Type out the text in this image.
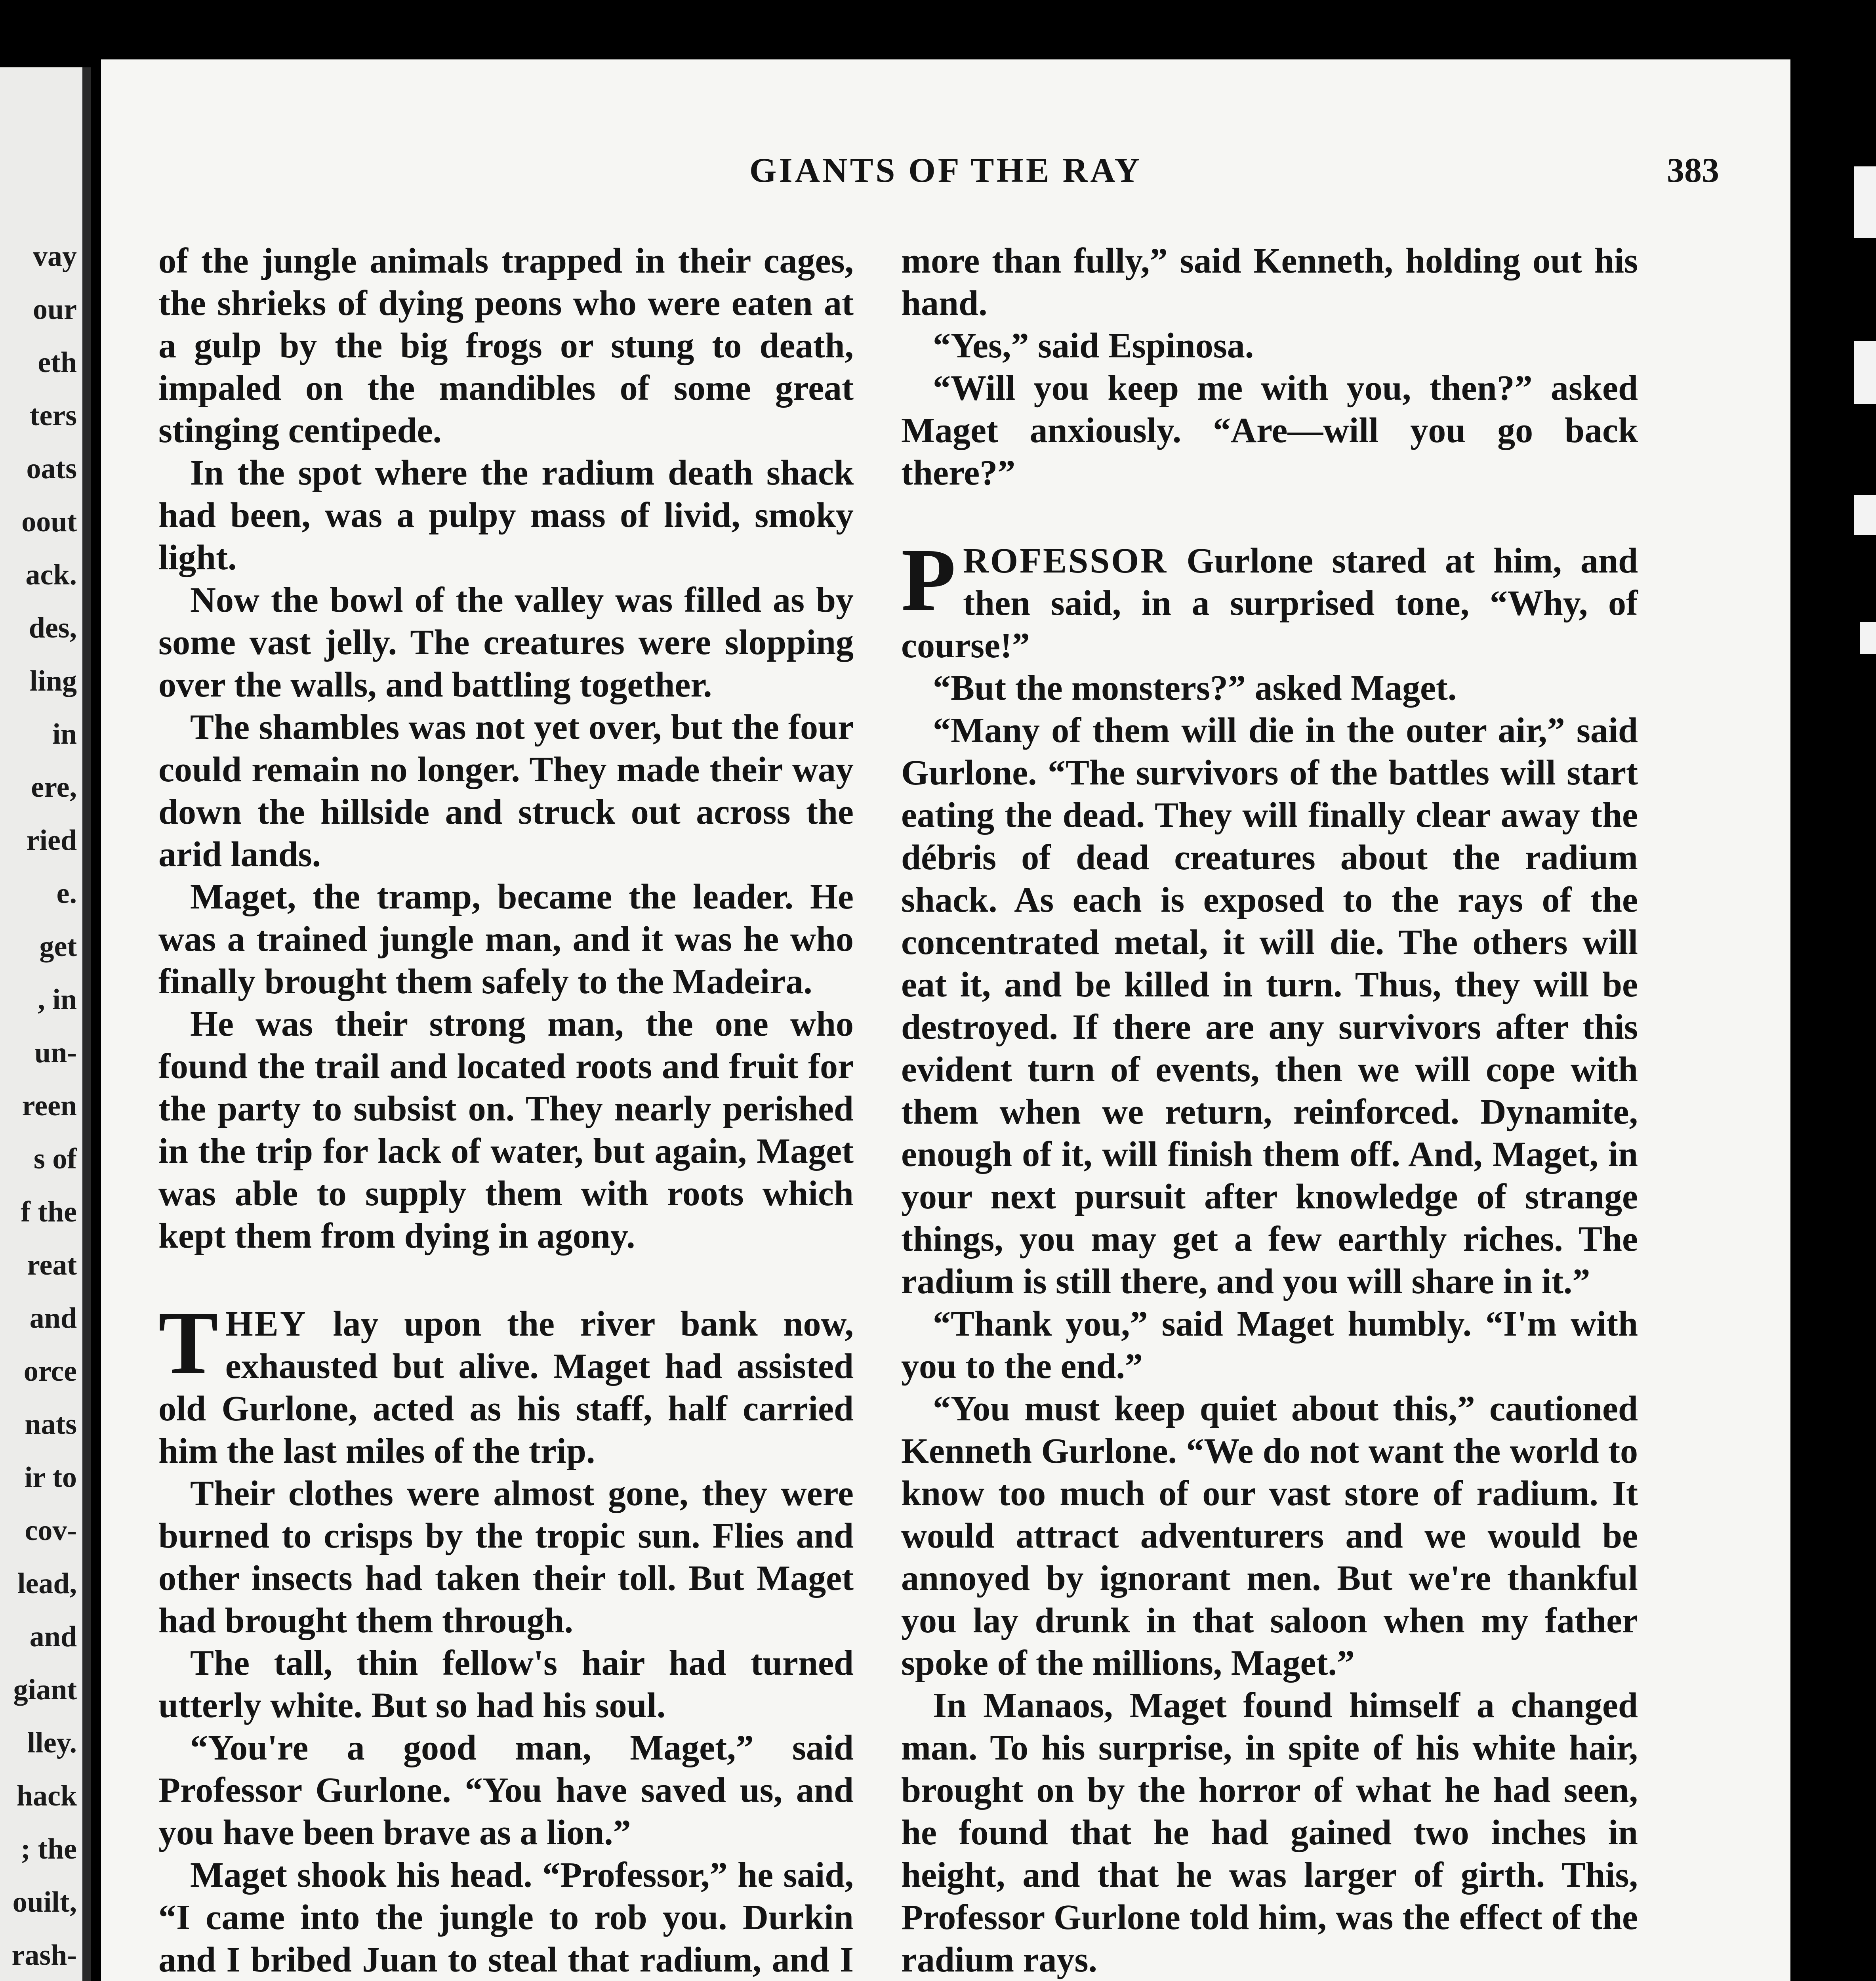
vay
our
eth
ters
oats
oout
ack.
des,
ling
in
ere,
ried
e.
get
, in
un-
reen
s of
f the
reat
and
orce
nats
ir to
cov-
lead,
and
giant
lley.
hack
; the
ouilt,
rash-
GIANTS OF THE RAY	383

of the jungle animals trapped in their cages, the shrieks of dying peons who were eaten at a gulp by the big frogs or stung to death, impaled on the mandibles of some great stinging centipede.

In the spot where the radium death shack had been, was a pulpy mass of livid, smoky light.

Now the bowl of the valley was filled as by some vast jelly. The creatures were slopping over the walls, and battling together.

The shambles was not yet over, but the four could remain no longer. They made their way down the hillside and struck out across the arid lands.

Maget, the tramp, became the leader. He was a trained jungle man, and it was he who finally brought them safely to the Madeira.

He was their strong man, the one who found the trail and located roots and fruit for the party to subsist on. They nearly perished in the trip for lack of water, but again, Maget was able to supply them with roots which kept them from dying in agony.

THEY lay upon the river bank now, exhausted but alive. Maget had assisted old Gurlone, acted as his staff, half carried him the last miles of the trip.

Their clothes were almost gone, they were burned to crisps by the tropic sun. Flies and other insects had taken their toll. But Maget had brought them through.

The tall, thin fellow's hair had turned utterly white. But so had his soul.

“You're a good man, Maget,” said Professor Gurlone. “You have saved us, and you have been brave as a lion.”

Maget shook his head. “Professor,” he said, “I came into the jungle to rob you. Durkin and I bribed Juan to steal that radium, and I

more than fully,” said Kenneth, holding out his hand.

“Yes,” said Espinosa.

“Will you keep me with you, then?” asked Maget anxiously. “Are—will you go back there?”

PROFESSOR Gurlone stared at him, and then said, in a surprised tone, “Why, of course!”

“But the monsters?” asked Maget.

“Many of them will die in the outer air,” said Gurlone. “The survivors of the battles will start eating the dead. They will finally clear away the débris of dead creatures about the radium shack. As each is exposed to the rays of the concentrated metal, it will die. The others will eat it, and be killed in turn. Thus, they will be destroyed. If there are any survivors after this evident turn of events, then we will cope with them when we return, reinforced. Dynamite, enough of it, will finish them off. And, Maget, in your next pursuit after knowledge of strange things, you may get a few earthly riches. The radium is still there, and you will share in it.”

“Thank you,” said Maget humbly. “I'm with you to the end.”

“You must keep quiet about this,” cautioned Kenneth Gurlone. “We do not want the world to know too much of our vast store of radium. It would attract adventurers and we would be annoyed by ignorant men. But we're thankful you lay drunk in that saloon when my father spoke of the millions, Maget.”

In Manaos, Maget found himself a changed man. To his surprise, in spite of his white hair, brought on by the horror of what he had seen, he found that he had gained two inches in height, and that he was larger of girth. This, Professor Gurlone told him, was the effect of the radium rays.
